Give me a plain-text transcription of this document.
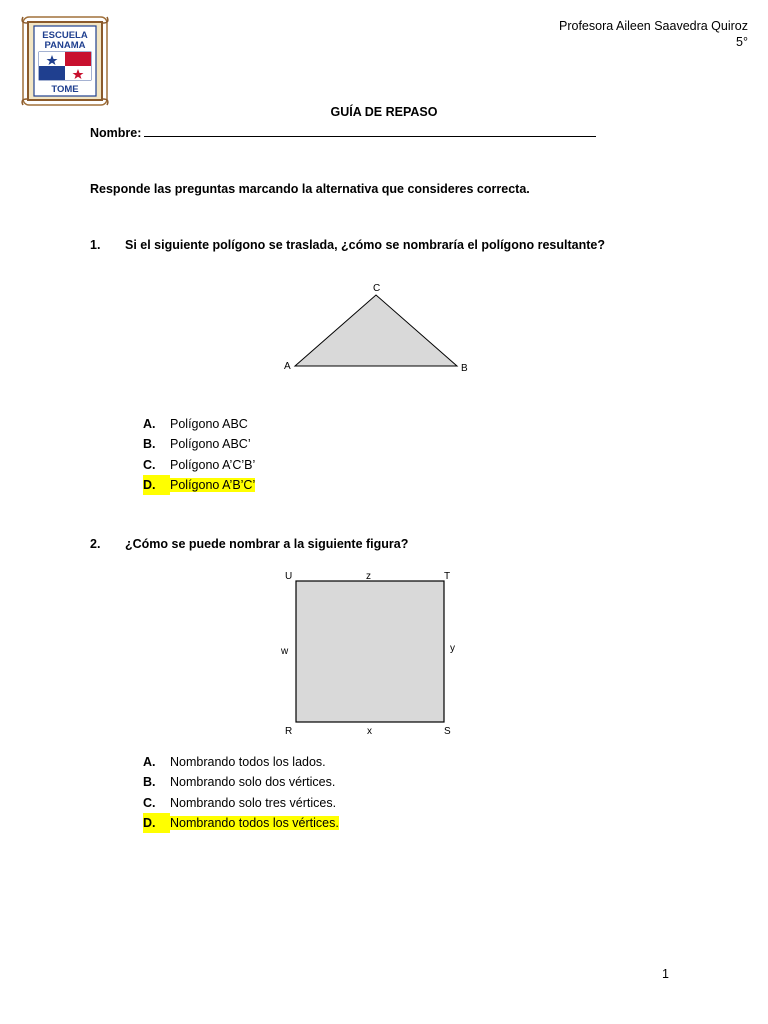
ESCUELA
PANAMA
TOME
Profesora Aileen Saavedra Quiroz
5°
GUÍA DE REPASO
Nombre:
Responde las preguntas marcando la alternativa que consideres correcta.
1. Si el siguiente polígono se traslada, ¿cómo se nombraría el polígono resultante?
C
A	B
A. Polígono ABC
B. Polígono ABC’
C. Polígono A’C’B’
D. Polígono A’B’C’
2. ¿Cómo se puede nombrar a la siguiente figura?
U	T
R	S
z
w	y
x
A. Nombrando todos los lados.
B. Nombrando solo dos vértices.
C. Nombrando solo tres vértices.
D. Nombrando todos los vértices.
1
